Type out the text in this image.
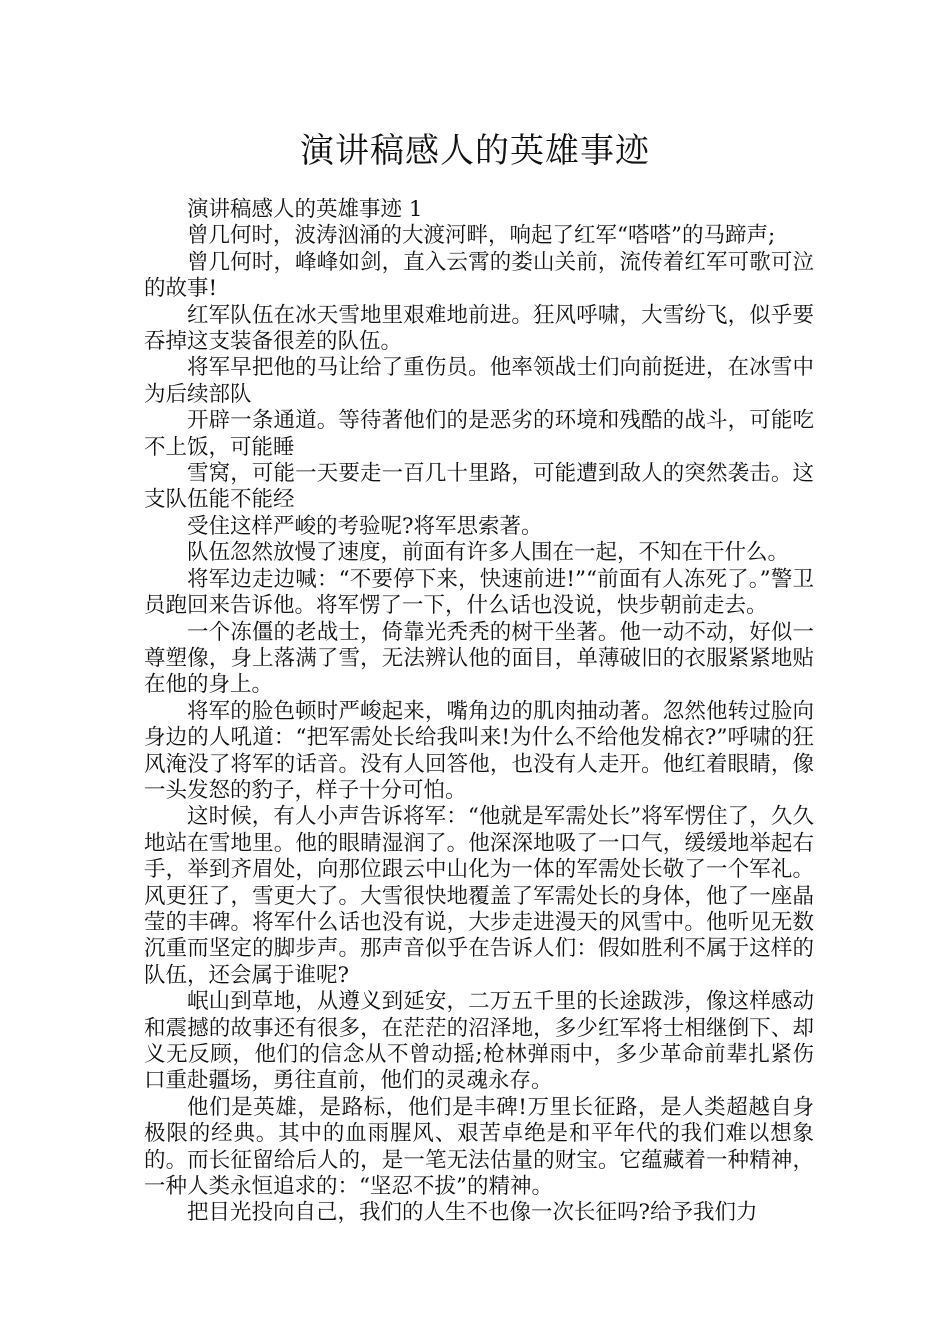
演讲稿感人的英雄事迹

演讲稿感人的英雄事迹 1

曾几何时，波涛汹涌的大渡河畔，响起了红军“嗒嗒”的马蹄声;

曾几何时，峰峰如剑，直入云霄的娄山关前，流传着红军可歌可泣的故事!

红军队伍在冰天雪地里艰难地前进。狂风呼啸，大雪纷飞，似乎要吞掉这支装备很差的队伍。

将军早把他的马让给了重伤员。他率领战士们向前挺进，在冰雪中为后续部队

开辟一条通道。等待著他们的是恶劣的环境和残酷的战斗，可能吃不上饭，可能睡

雪窝，可能一天要走一百几十里路，可能遭到敌人的突然袭击。这支队伍能不能经

受住这样严峻的考验呢?将军思索著。

队伍忽然放慢了速度，前面有许多人围在一起，不知在干什么。

将军边走边喊：“不要停下来，快速前进!”“前面有人冻死了。”警卫员跑回来告诉他。将军愣了一下，什么话也没说，快步朝前走去。

一个冻僵的老战士，倚靠光秃秃的树干坐著。他一动不动，好似一尊塑像，身上落满了雪，无法辨认他的面目，单薄破旧的衣服紧紧地贴在他的身上。

将军的脸色顿时严峻起来，嘴角边的肌肉抽动著。忽然他转过脸向身边的人吼道：“把军需处长给我叫来!为什么不给他发棉衣?”呼啸的狂风淹没了将军的话音。没有人回答他，也没有人走开。他红着眼睛，像一头发怒的豹子，样子十分可怕。

这时候，有人小声告诉将军：“他就是军需处长”将军愣住了，久久地站在雪地里。他的眼睛湿润了。他深深地吸了一口气，缓缓地举起右手，举到齐眉处，向那位跟云中山化为一体的军需处长敬了一个军礼。风更狂了，雪更大了。大雪很快地覆盖了军需处长的身体，他了一座晶莹的丰碑。将军什么话也没有说，大步走进漫天的风雪中。他听见无数沉重而坚定的脚步声。那声音似乎在告诉人们：假如胜利不属于这样的队伍，还会属于谁呢?

岷山到草地，从遵义到延安，二万五千里的长途跋涉，像这样感动和震撼的故事还有很多，在茫茫的沼泽地，多少红军将士相继倒下、却义无反顾，他们的信念从不曾动摇;枪林弹雨中，多少革命前辈扎紧伤口重赴疆场，勇往直前，他们的灵魂永存。

他们是英雄，是路标，他们是丰碑!万里长征路，是人类超越自身极限的经典。其中的血雨腥风、艰苦卓绝是和平年代的我们难以想象的。而长征留给后人的，是一笔无法估量的财宝。它蕴藏着一种精神，一种人类永恒追求的：“坚忍不拔”的精神。

把目光投向自己，我们的人生不也像一次长征吗?给予我们力
